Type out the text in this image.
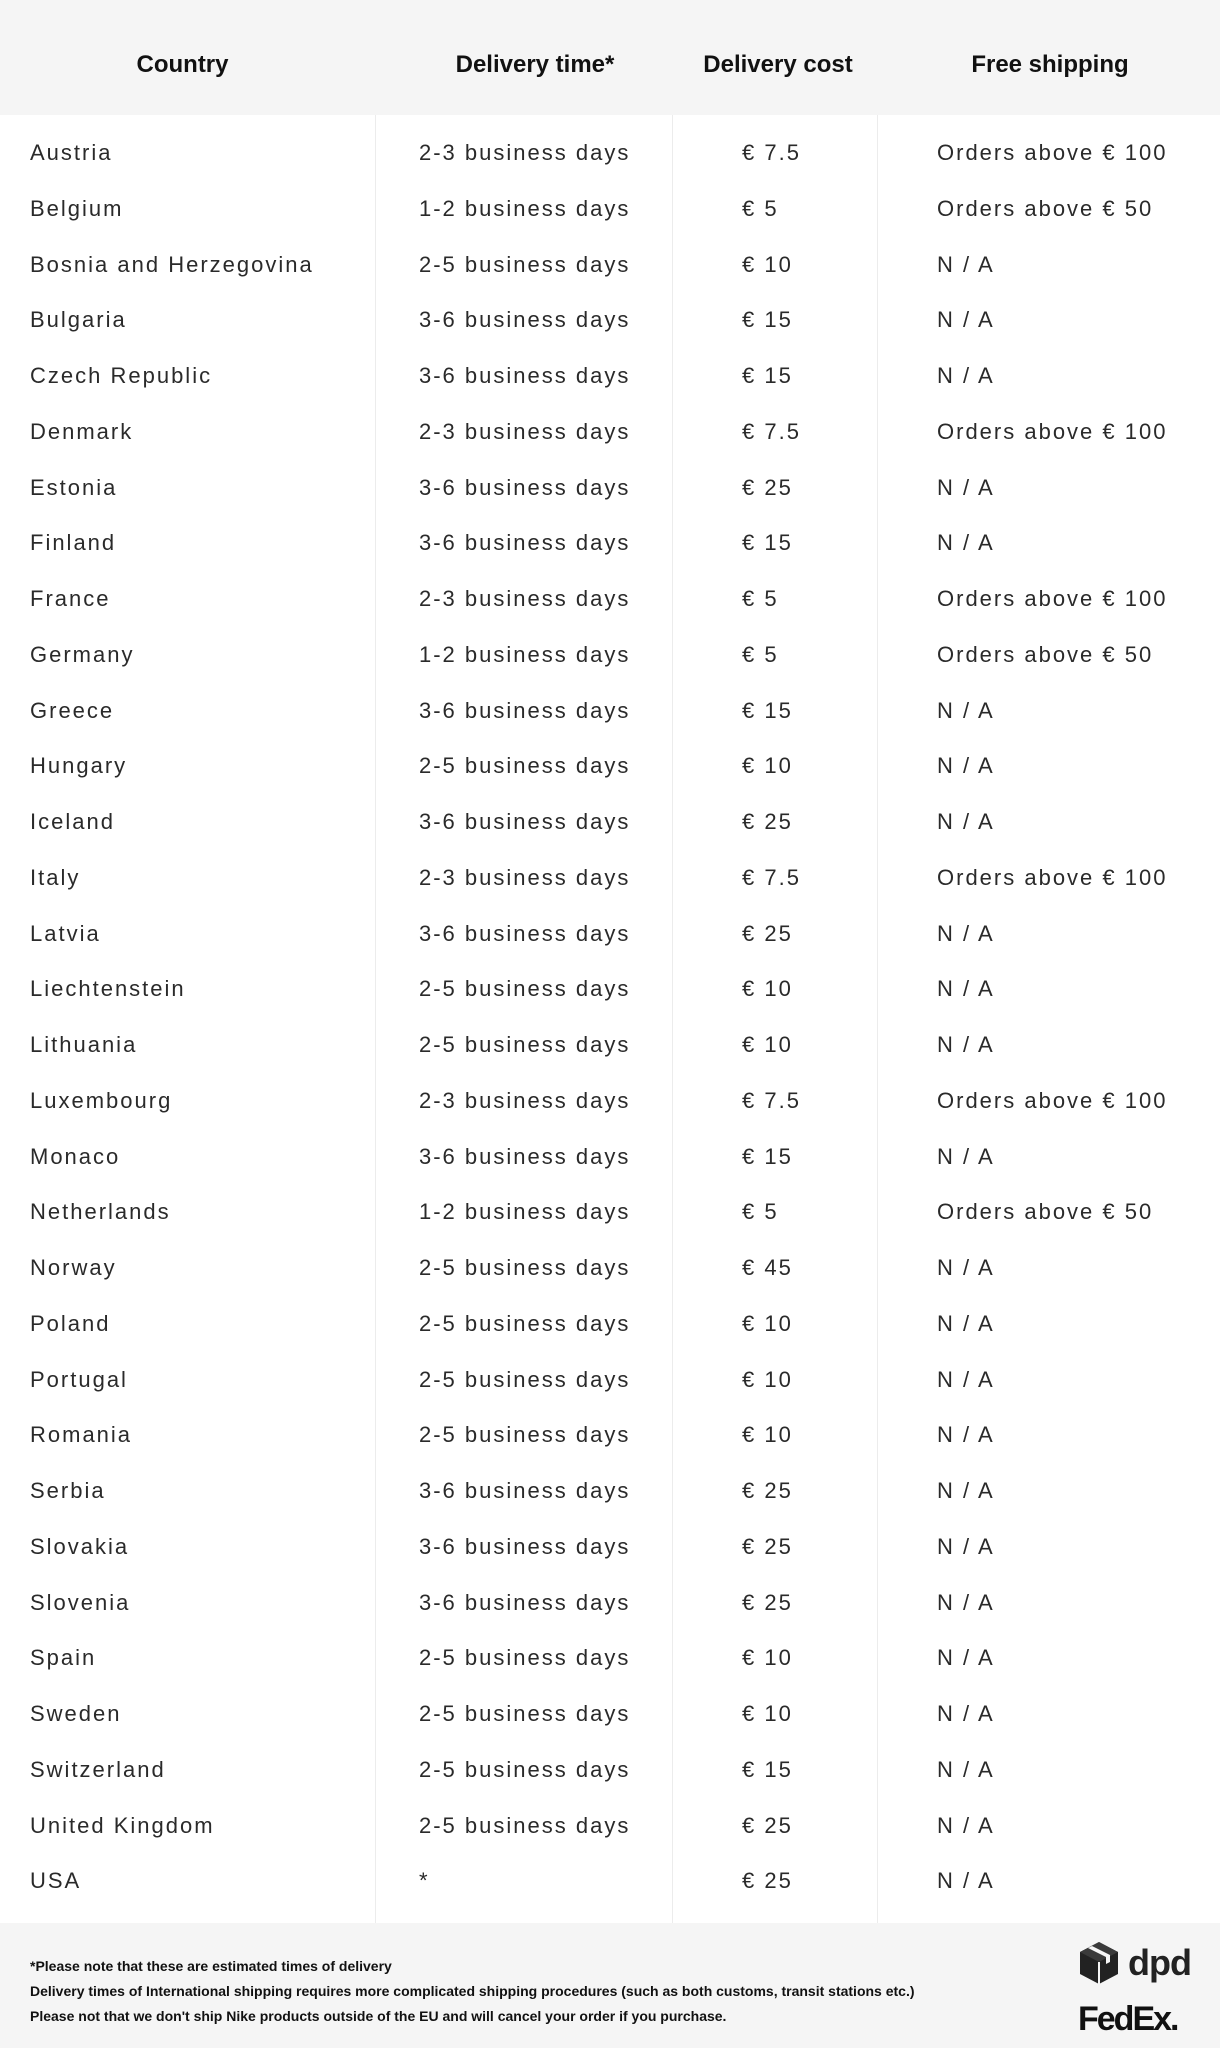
Country	Delivery time*	Delivery cost	Free shipping
Austria	2-3 business days	€ 7.5	Orders above € 100
Belgium	1-2 business days	€ 5	Orders above € 50
Bosnia and Herzegovina	2-5 business days	€ 10	N / A
Bulgaria	3-6 business days	€ 15	N / A
Czech Republic	3-6 business days	€ 15	N / A
Denmark	2-3 business days	€ 7.5	Orders above € 100
Estonia	3-6 business days	€ 25	N / A
Finland	3-6 business days	€ 15	N / A
France	2-3 business days	€ 5	Orders above € 100
Germany	1-2 business days	€ 5	Orders above € 50
Greece	3-6 business days	€ 15	N / A
Hungary	2-5 business days	€ 10	N / A
Iceland	3-6 business days	€ 25	N / A
Italy	2-3 business days	€ 7.5	Orders above € 100
Latvia	3-6 business days	€ 25	N / A
Liechtenstein	2-5 business days	€ 10	N / A
Lithuania	2-5 business days	€ 10	N / A
Luxembourg	2-3 business days	€ 7.5	Orders above € 100
Monaco	3-6 business days	€ 15	N / A
Netherlands	1-2 business days	€ 5	Orders above € 50
Norway	2-5 business days	€ 45	N / A
Poland	2-5 business days	€ 10	N / A
Portugal	2-5 business days	€ 10	N / A
Romania	2-5 business days	€ 10	N / A
Serbia	3-6 business days	€ 25	N / A
Slovakia	3-6 business days	€ 25	N / A
Slovenia	3-6 business days	€ 25	N / A
Spain	2-5 business days	€ 10	N / A
Sweden	2-5 business days	€ 10	N / A
Switzerland	2-5 business days	€ 15	N / A
United Kingdom	2-5 business days	€ 25	N / A
USA	*	€ 25	N / A
*Please note that these are estimated times of delivery
Delivery times of International shipping requires more complicated shipping procedures (such as both customs, transit stations etc.)
Please not that we don't ship Nike products outside of the EU and will cancel your order if you purchase.
dpd
FedEx.
